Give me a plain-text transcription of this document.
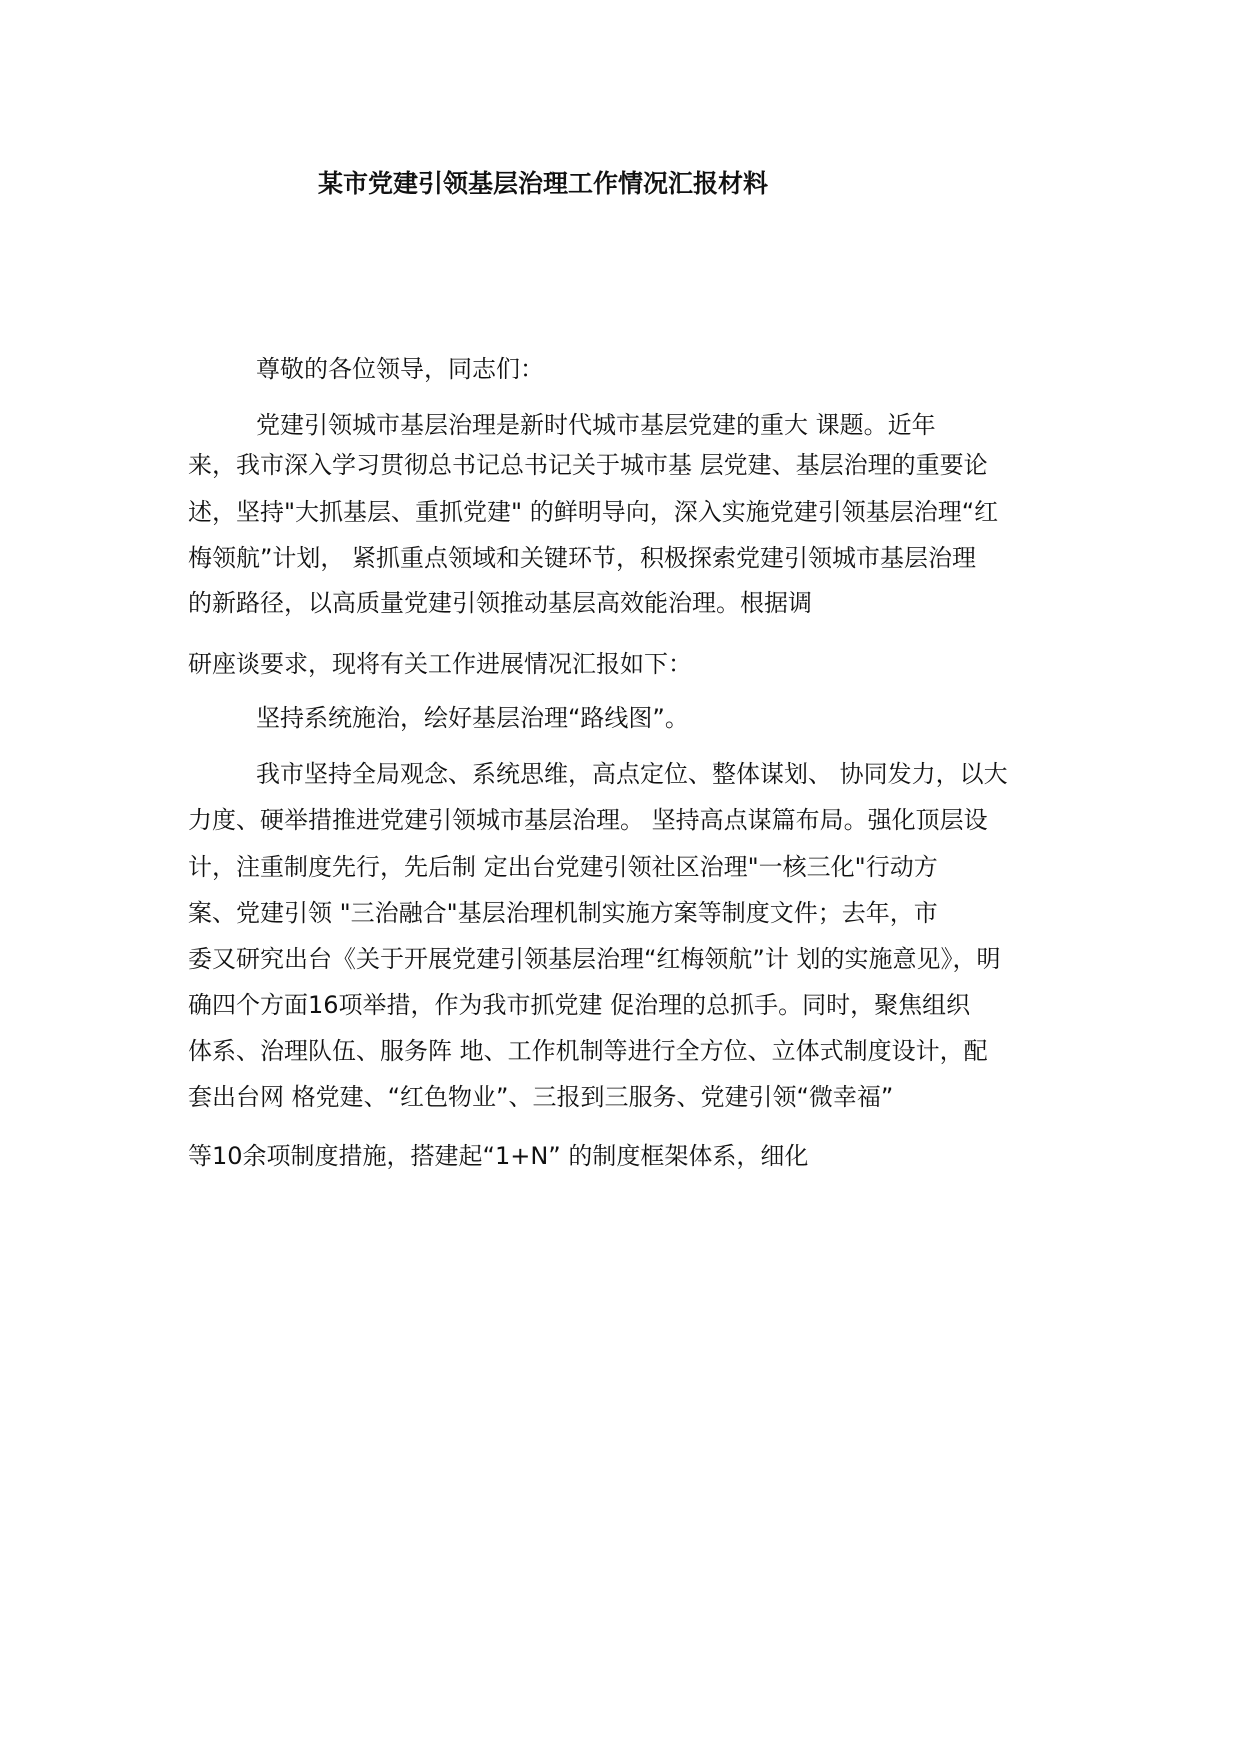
某市党建引领基层治理工作情况汇报材料
尊敬的各位领导，同志们：
党建引领城市基层治理是新时代城市基层党建的重大 课题。近年
来，我市深入学习贯彻总书记总书记关于城市基 层党建、基层治理的重要论
述，坚持"大抓基层、重抓党建" 的鲜明导向，深入实施党建引领基层治理“红
梅领航”计划， 紧抓重点领域和关键环节，积极探索党建引领城市基层治理
的新路径，以高质量党建引领推动基层高效能治理。根据调
研座谈要求，现将有关工作进展情况汇报如下：
坚持系统施治，绘好基层治理“路线图”。
我市坚持全局观念、系统思维，高点定位、整体谋划、 协同发力，以大
力度、硬举措推进党建引领城市基层治理。 坚持高点谋篇布局。强化顶层设
计，注重制度先行，先后制 定出台党建引领社区治理"一核三化"行动方
案、党建引领 "三治融合"基层治理机制实施方案等制度文件；去年，市
委又研究出台《关于开展党建引领基层治理“红梅领航”计 划的实施意见》，明
确四个方面16项举措，作为我市抓党建 促治理的总抓手。同时，聚焦组织
体系、治理队伍、服务阵 地、工作机制等进行全方位、立体式制度设计，配
套出台网 格党建、“红色物业”、三报到三服务、党建引领“微幸福”
等10余项制度措施，搭建起“1+N” 的制度框架体系，细化
